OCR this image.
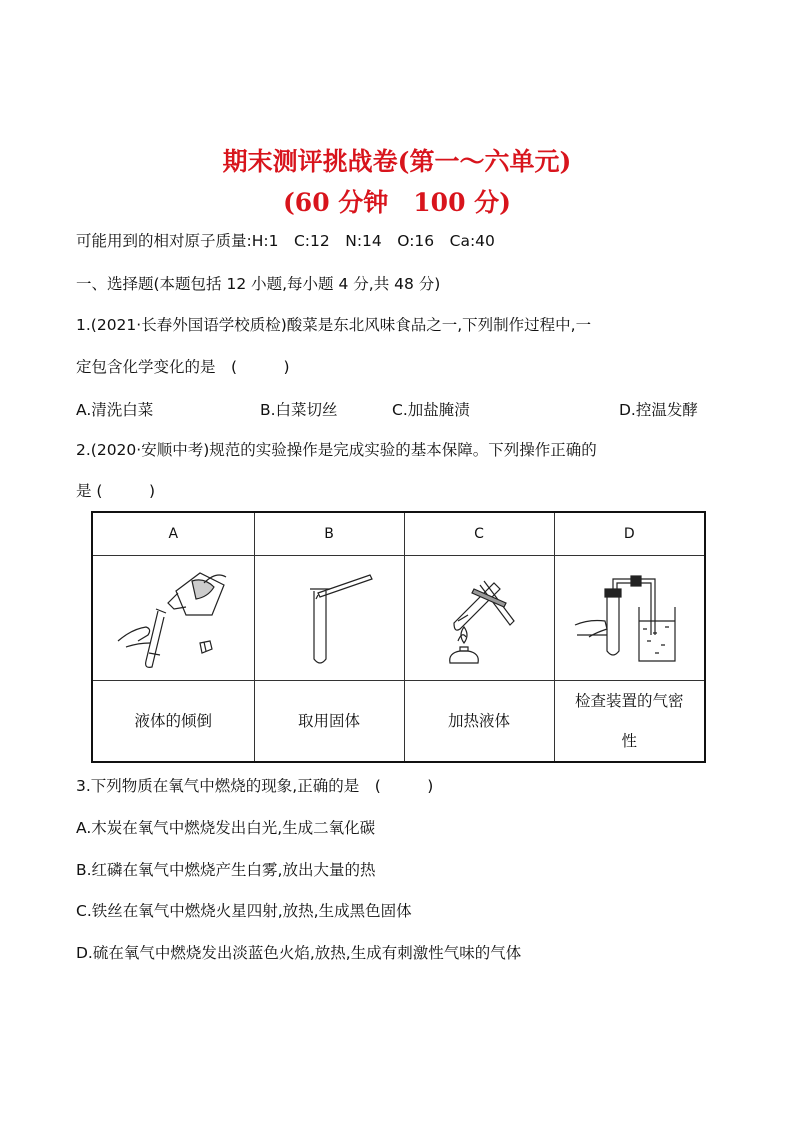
期末测评挑战卷(第一～六单元)
(60 分钟　100 分)
可能用到的相对原子质量:H:1　C:12　N:14　O:16　Ca:40
一、选择题(本题包括 12 小题,每小题 4 分,共 48 分)
1.(2021·长春外国语学校质检)酸菜是东北风味食品之一,下列制作过程中,一
定包含化学变化的是　(　　　)
A.清洗白菜	B.白菜切丝	C.加盐腌渍	D.控温发酵
2.(2020·安顺中考)规范的实验操作是完成实验的基本保障。下列操作正确的
是 (　　　)
A	B	C	D

液体的倾倒	取用固体	加热液体	检查装置的气密
性
3.下列物质在氧气中燃烧的现象,正确的是　(　　　)
A.木炭在氧气中燃烧发出白光,生成二氧化碳
B.红磷在氧气中燃烧产生白雾,放出大量的热
C.铁丝在氧气中燃烧火星四射,放热,生成黑色固体
D.硫在氧气中燃烧发出淡蓝色火焰,放热,生成有刺激性气味的气体
